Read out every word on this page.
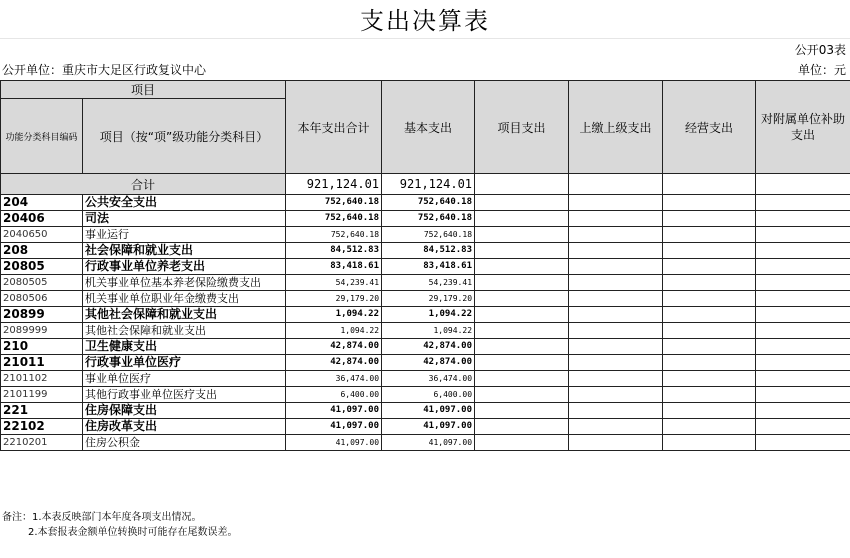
支出决算表
公开03表
公开单位：重庆市大足区行政复议中心	单位：元
项目		本年支出合计	基本支出	项目支出	上缴上级支出	经营支出	对附属单位补助支出
功能分类科目编码	项目（按“项”级功能分类科目）						
合计		921,124.01	921,124.01				
204	公共安全支出	752,640.18	752,640.18				
20406	司法	752,640.18	752,640.18				
2040650	事业运行	752,640.18	752,640.18				
208	社会保障和就业支出	84,512.83	84,512.83				
20805	行政事业单位养老支出	83,418.61	83,418.61				
2080505	机关事业单位基本养老保险缴费支出	54,239.41	54,239.41				
2080506	机关事业单位职业年金缴费支出	29,179.20	29,179.20				
20899	其他社会保障和就业支出	1,094.22	1,094.22				
2089999	其他社会保障和就业支出	1,094.22	1,094.22				
210	卫生健康支出	42,874.00	42,874.00				
21011	行政事业单位医疗	42,874.00	42,874.00				
2101102	事业单位医疗	36,474.00	36,474.00				
2101199	其他行政事业单位医疗支出	6,400.00	6,400.00				
221	住房保障支出	41,097.00	41,097.00				
22102	住房改革支出	41,097.00	41,097.00				
2210201	住房公积金	41,097.00	41,097.00				
备注：1.本表反映部门本年度各项支出情况。
2.本套报表金额单位转换时可能存在尾数误差。
